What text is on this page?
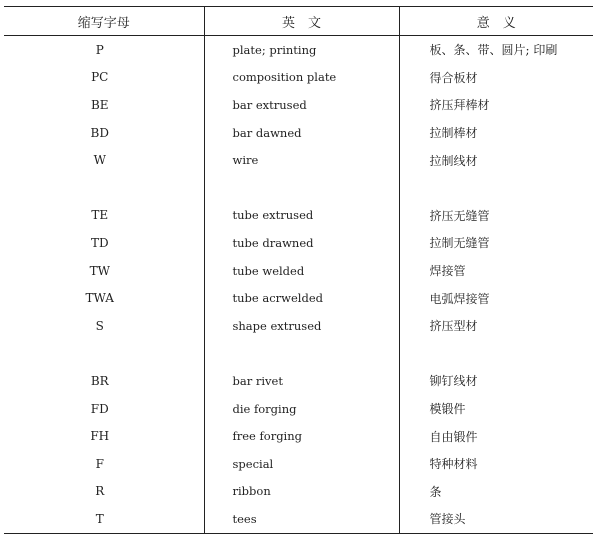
缩写字母	英　文	意　义
P	plate; printing	板、条、带、圆片; 印刷
PC	composition plate	得合板材
BE	bar extrused	挤压拜棒材
BD	bar dawned	拉制棒材
W	wire	拉制线材

TE	tube extrused	挤压无缝管
TD	tube drawned	拉制无缝管
TW	tube welded	焊接管
TWA	tube acrwelded	电弧焊接管
S	shape extrused	挤压型材

BR	bar rivet	铆钉线材
FD	die forging	模锻件
FH	free forging	自由锻件
F	special	特种材料
R	ribbon	条
T	tees	管接头
